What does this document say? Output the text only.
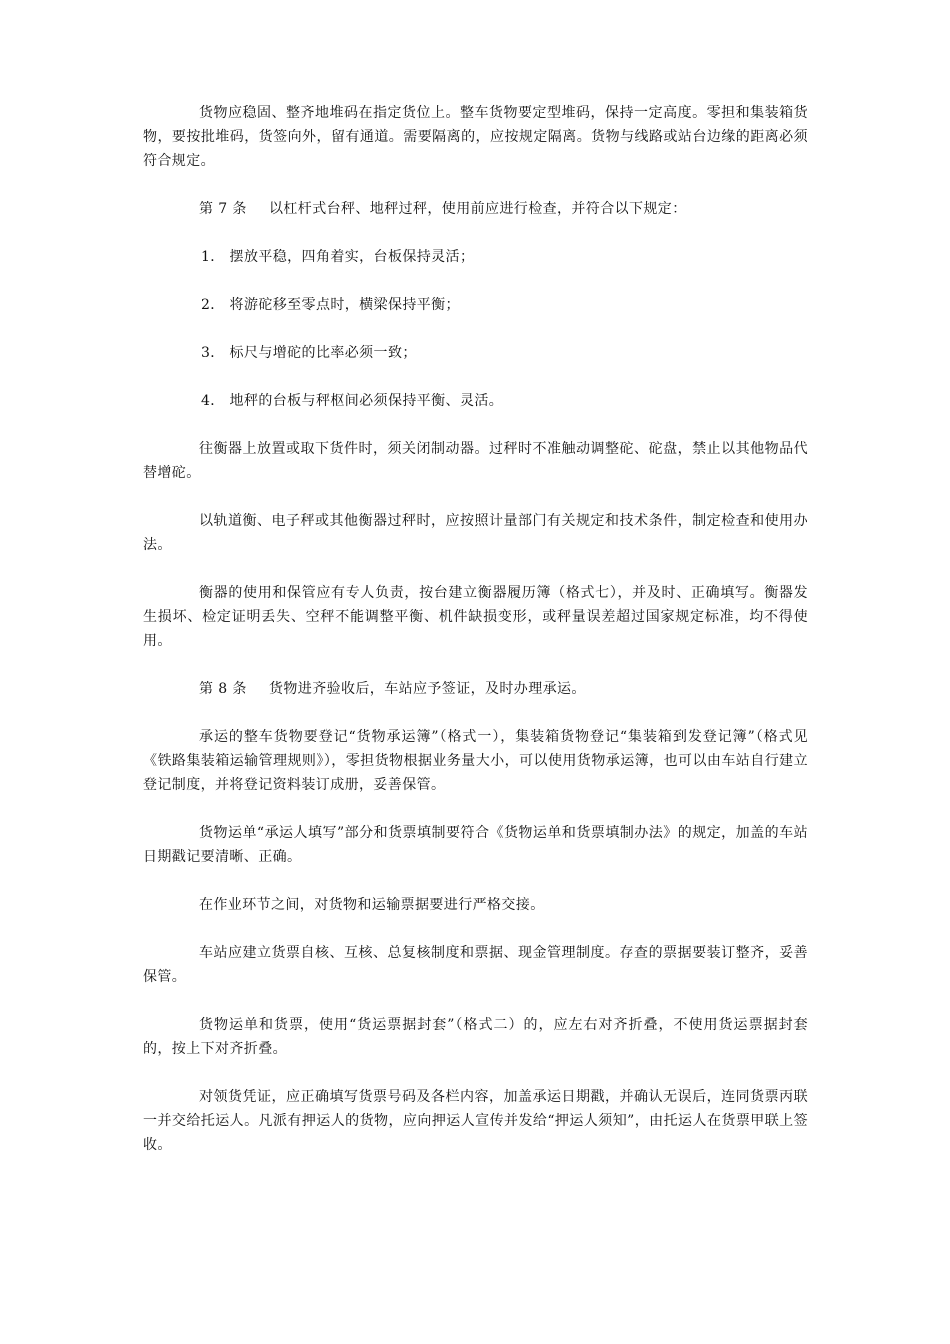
货物应稳固、整齐地堆码在指定货位上。整车货物要定型堆码，保持一定高度。零担和集装箱货物，要按批堆码，货签向外，留有通道。需要隔离的，应按规定隔离。货物与线路或站台边缘的距离必须符合规定。

第 7 条 以杠杆式台秤、地秤过秤，使用前应进行检查，并符合以下规定：
1． 摆放平稳，四角着实，台板保持灵活；
2． 将游砣移至零点时，横梁保持平衡；
3． 标尺与增砣的比率必须一致；
4． 地秤的台板与秤枢间必须保持平衡、灵活。

往衡器上放置或取下货件时，须关闭制动器。过秤时不准触动调整砣、砣盘，禁止以其他物品代替增砣。

以轨道衡、电子秤或其他衡器过秤时，应按照计量部门有关规定和技术条件，制定检查和使用办法。

衡器的使用和保管应有专人负责，按台建立衡器履历簿（格式七），并及时、正确填写。衡器发生损坏、检定证明丢失、空秤不能调整平衡、机件缺损变形，或秤量误差超过国家规定标准，均不得使用。

第 8 条 货物进齐验收后，车站应予签证，及时办理承运。

承运的整车货物要登记“货物承运簿”（格式一），集装箱货物登记“集装箱到发登记簿”（格式见《铁路集装箱运输管理规则》），零担货物根据业务量大小，可以使用货物承运簿，也可以由车站自行建立登记制度，并将登记资料装订成册，妥善保管。

货物运单“承运人填写”部分和货票填制要符合《货物运单和货票填制办法》的规定，加盖的车站日期戳记要清晰、正确。

在作业环节之间，对货物和运输票据要进行严格交接。

车站应建立货票自核、互核、总复核制度和票据、现金管理制度。存查的票据要装订整齐，妥善保管。

货物运单和货票，使用“货运票据封套”（格式二）的，应左右对齐折叠，不使用货运票据封套的，按上下对齐折叠。

对领货凭证，应正确填写货票号码及各栏内容，加盖承运日期戳，并确认无误后，连同货票丙联一并交给托运人。凡派有押运人的货物，应向押运人宣传并发给“押运人须知”，由托运人在货票甲联上签收。
